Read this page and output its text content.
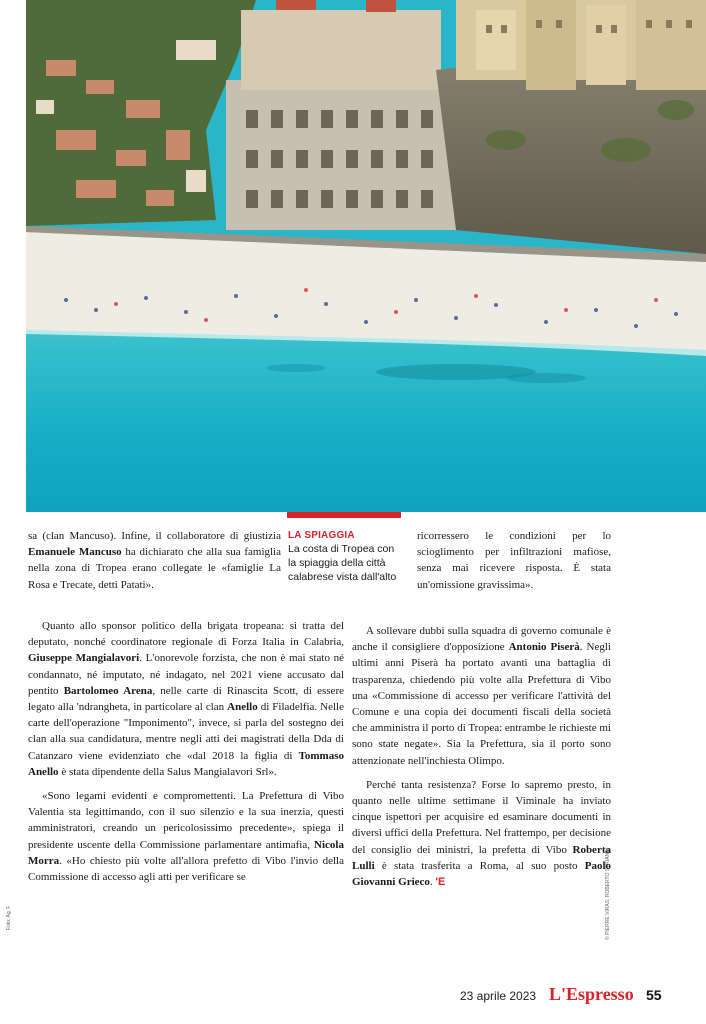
Foto: Ag. F	© PIERRE VIRAS, ROBERTO STRIANO
LA SPIAGGIA
La costa di Tropea con la spiaggia della città calabrese vista dall'alto

sa (clan Mancuso). Infine, il collaboratore di giustizia Emanuele Mancuso ha dichiarato che alla sua famiglia nella zona di Tropea erano collegate le «famiglie La Rosa e Trecate, detti Patati».

Quanto allo sponsor politico della brigata tropeana: si tratta del deputato, nonché coordinatore regionale di Forza Italia in Calabria, Giuseppe Mangialavori. L'onorevole forzista, che non è mai stato né condannato, né imputato, né indagato, nel 2021 viene accusato dal pentito Bartolomeo Arena, nelle carte di Rinascita Scott, di essere legato alla 'ndrangheta, in particolare al clan Anello di Filadelfia. Nelle carte dell'operazione "Imponimento", invece, si parla del sostegno dei clan alla sua candidatura, mentre negli atti dei magistrati della Dda di Catanzaro viene evidenziato che «dal 2018 la figlia di Tommaso Anello è stata dipendente della Salus Mangialavori Srl».

«Sono legami evidenti e compromettenti. La Prefettura di Vibo Valentia sta legittimando, con il suo silenzio e la sua inerzia, questi amministratori, creando un pericolosissimo precedente», spiega il presidente uscente della Commissione parlamentare antimafia, Nicola Morra. «Ho chiesto più volte all'allora prefetto di Vibo l'invio della Commissione di accesso agli atti per verificare se

ricorressero le condizioni per lo scioglimento per infiltrazioni mafiose, senza mai ricevere risposta. È stata un'omissione gravissima».

A sollevare dubbi sulla squadra di governo comunale è anche il consigliere d'opposizione Antonio Piserà. Negli ultimi anni Piserà ha portato avanti una battaglia di trasparenza, chiedendo più volte alla Prefettura di Vibo una «Commissione di accesso per verificare l'attività del Comune e una copia dei documenti fiscali della società che amministra il porto di Tropea: entrambe le richieste mi sono state negate». Sia la Prefettura, sia il porto sono attenzionate nell'inchiesta Olimpo.

Perché tanta resistenza? Forse lo sapremo presto, in quanto nelle ultime settimane il Viminale ha inviato cinque ispettori per acquisire ed esaminare documenti in diversi uffici della Prefettura. Nel frattempo, per decisione del consiglio dei ministri, la prefetta di Vibo Roberta Lulli è stata trasferita a Roma, al suo posto Paolo Giovanni Grieco. 'E

23 aprile 2023 L'Espresso 55
